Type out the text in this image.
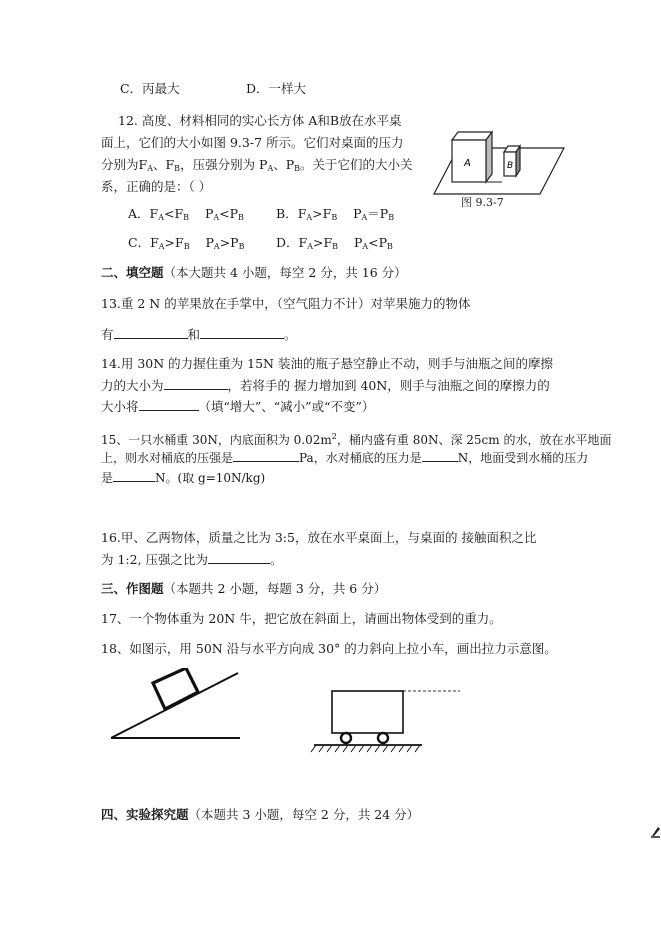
C．丙最大	D．一样大
12. 高度、材料相同的实心长方体 A和B放在水平桌
面上，它们的大小如图 9.3-7 所示。它们对桌面的压力
分别为$F_A$、$F_B$，压强分别为 $P_A$、$P_B$。关于它们的大小关
系，正确的是：（ ）
A	B
图 9.3-7
A．$F_A<F_B$    $P_A<P_B$	B．$F_A>F_B$    $P_A=P_B$
C．$F_A>F_B$    $P_A>P_B$	D．$F_A>F_B$    $P_A<P_B$
二、填空题（本大题共 4 小题，每空 2 分，共 16 分）
13.重 2 N 的苹果放在手掌中，（空气阻力不计）对苹果施力的物体
有	和	。
14.用 30N 的力握住重为 15N 装油的瓶子悬空静止不动，则手与油瓶之间的摩擦
力的大小为	，若将手的 握力增加到 40N，则手与油瓶之间的摩擦力的
大小将	（填“增大”、“减小”或“不变”）
15、一只水桶重 30N，内底面积为 $0.02m^2$，桶内盛有重 80N、深 25cm 的水，放在水平地面
上，则水对桶底的压强是	Pa，水对桶底的压力是	N，地面受到水桶的压力
是	N。(取 g=10N/kg)
16.甲、乙两物体，质量之比为 3:5，放在水平桌面上，与桌面的 接触面积之比
为 1:2, 压强之比为	。
三、作图题（本题共 2 小题，每题 3 分，共 6 分）
17、一个物体重为 20N 牛，把它放在斜面上，请画出物体受到的重力。
18、如图示，用 50N 沿与水平方向成 30° 的力斜向上拉小车，画出拉力示意图。
四、实验探究题（本题共 3 小题，每空 2 分，共 24 分）
